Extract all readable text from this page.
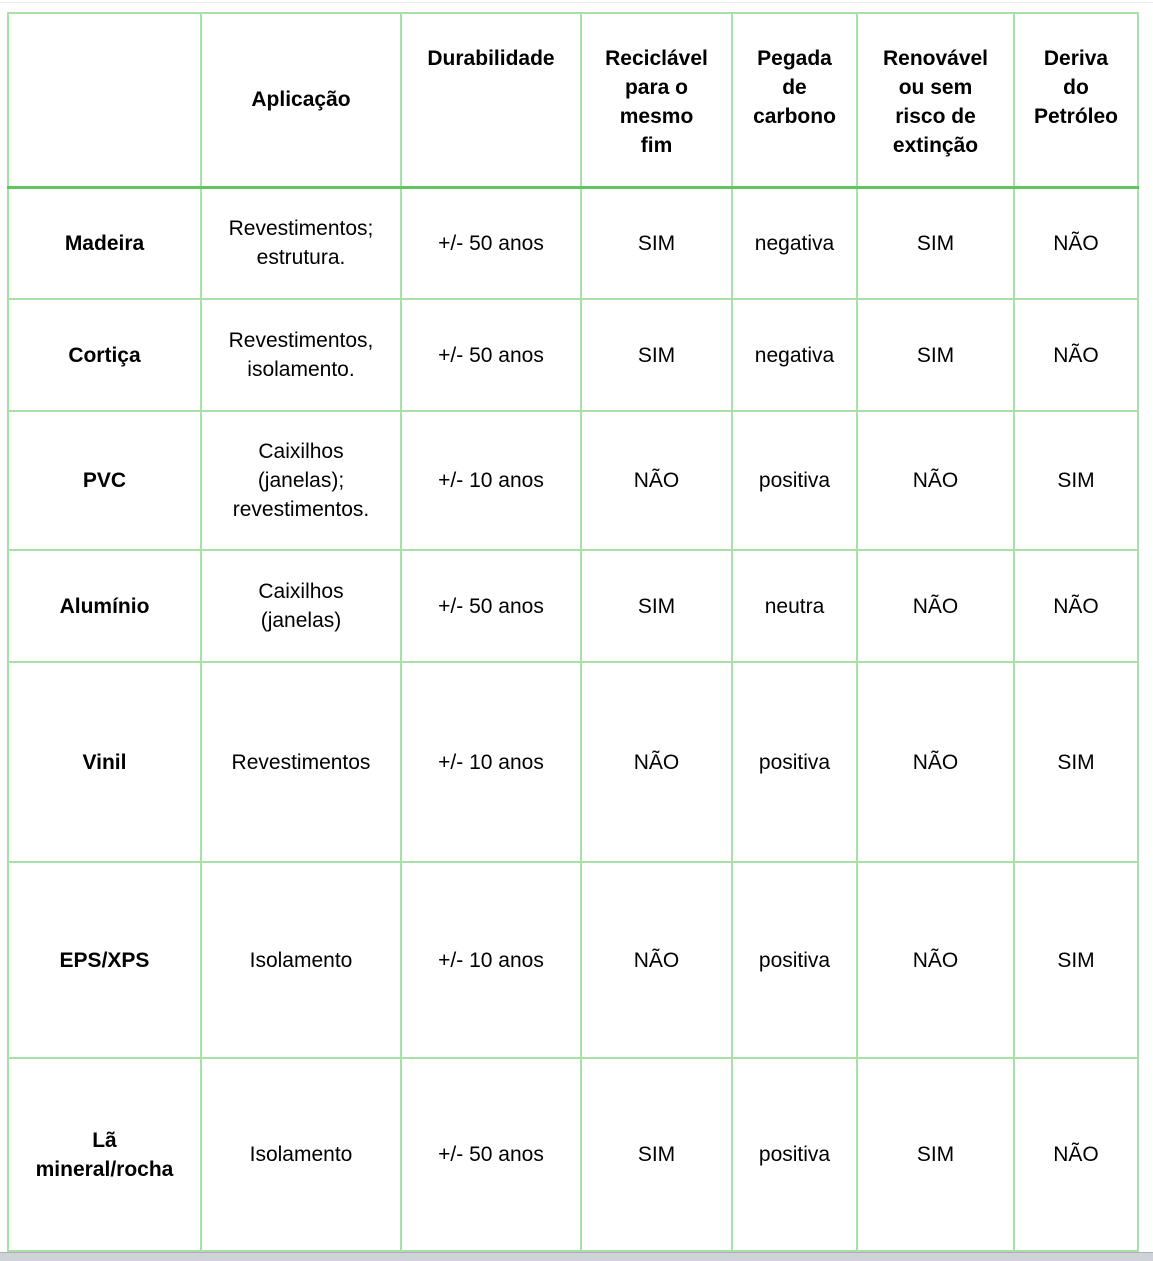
	Aplicação	Durabilidade	Reciclável
para o
mesmo
fim	Pegada
de
carbono	Renovável
ou sem
risco de
extinção	Deriva
do
Petróleo
Madeira	Revestimentos;
estrutura.	+/- 50 anos	SIM	negativa	SIM	NÃO
Cortiça	Revestimentos,
isolamento.	+/- 50 anos	SIM	negativa	SIM	NÃO
PVC	Caixilhos
(janelas);
revestimentos.	+/- 10 anos	NÃO	positiva	NÃO	SIM
Alumínio	Caixilhos
(janelas)	+/- 50 anos	SIM	neutra	NÃO	NÃO
Vinil	Revestimentos	+/- 10 anos	NÃO	positiva	NÃO	SIM
EPS/XPS	Isolamento	+/- 10 anos	NÃO	positiva	NÃO	SIM
Lã
mineral/rocha	Isolamento	+/- 50 anos	SIM	positiva	SIM	NÃO
